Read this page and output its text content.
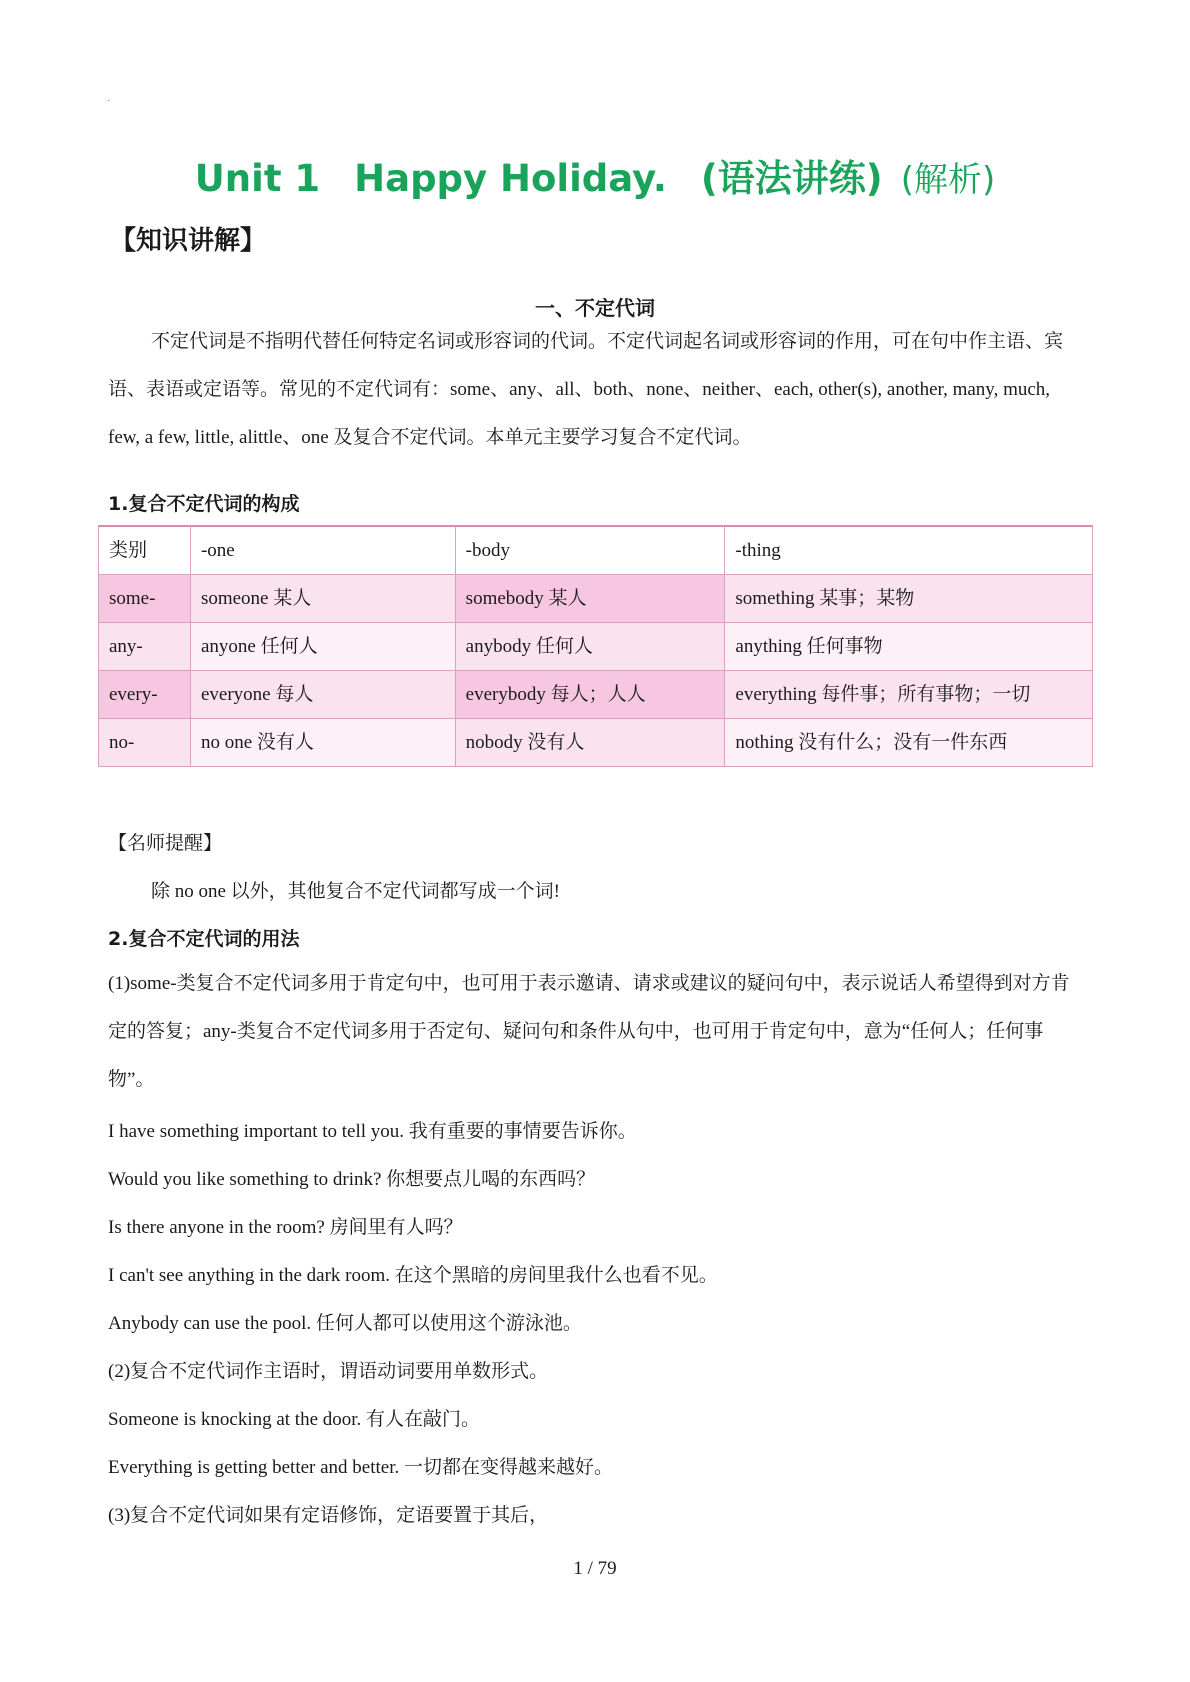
·
Unit 1 Happy Holiday. (语法讲练) (解析)
【知识讲解】
一、不定代词
不定代词是不指明代替任何特定名词或形容词的代词。不定代词起名词或形容词的作用，可在句中作主语、宾语、表语或定语等。常见的不定代词有：some、any、all、both、none、neither、each, other(s), another, many, much, few, a few, little, alittle、one 及复合不定代词。本单元主要学习复合不定代词。
1.复合不定代词的构成
类别	-one	-body	-thing
some-	someone 某人	somebody 某人	something 某事；某物
any-	anyone 任何人	anybody 任何人	anything 任何事物
every-	everyone 每人	everybody 每人；人人	everything 每件事；所有事物；一切
no-	no one 没有人	nobody 没有人	nothing 没有什么；没有一件东西
【名师提醒】
除 no one 以外，其他复合不定代词都写成一个词!
2.复合不定代词的用法
(1)some-类复合不定代词多用于肯定句中，也可用于表示邀请、请求或建议的疑问句中，表示说话人希望得到对方肯定的答复；any-类复合不定代词多用于否定句、疑问句和条件从句中，也可用于肯定句中，意为“任何人；任何事物”。
I have something important to tell you. 我有重要的事情要告诉你。
Would you like something to drink? 你想要点儿喝的东西吗？
Is there anyone in the room? 房间里有人吗？
I can't see anything in the dark room. 在这个黑暗的房间里我什么也看不见。
Anybody can use the pool. 任何人都可以使用这个游泳池。
(2)复合不定代词作主语时，谓语动词要用单数形式。
Someone is knocking at the door. 有人在敲门。
Everything is getting better and better. 一切都在变得越来越好。
(3)复合不定代词如果有定语修饰，定语要置于其后，
1 / 79
